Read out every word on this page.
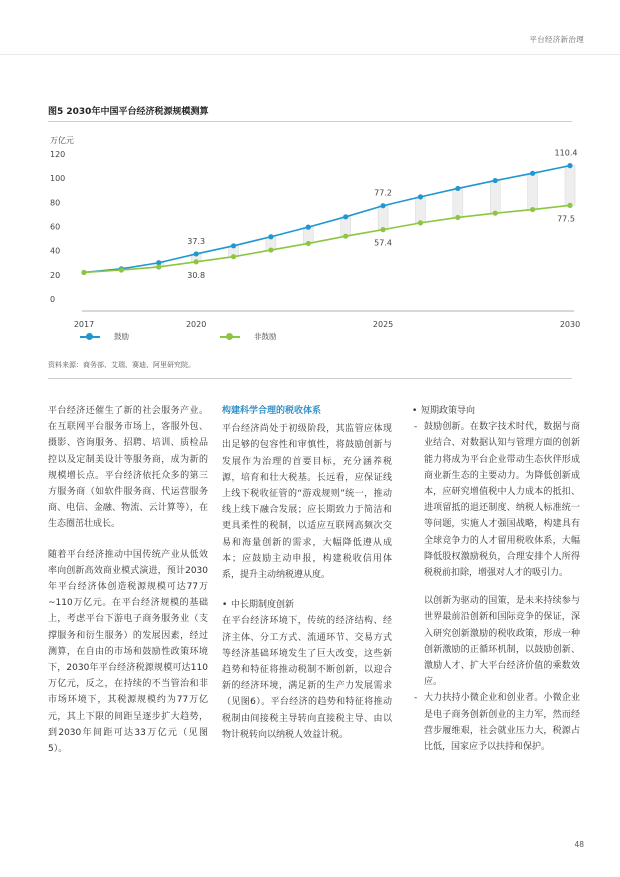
平台经济新治理
图5 2030年中国平台经济税源规模测算
万亿元
0
20
40
60
80
100
120
2017	2020	2025	2030
37.3
30.8
77.2
57.4
110.4
77.5
鼓励	非鼓励
资料来源：商务部、艾瑞、赛迪、阿里研究院。

平台经济还催生了新的社会服务产业。在互联网平台服务市场上，客服外包、摄影、咨询服务、招聘、培训、质检品控以及定制美设计等服务商，成为新的规模增长点。平台经济依托众多的第三方服务商（如软件服务商、代运营服务商、电信、金融、物流、云计算等），在生态圈茁壮成长。

随着平台经济推动中国传统产业从低效率向创新高效商业模式演进，预计2030年平台经济体创造税源规模可达77万~110万亿元。在平台经济规模的基础上，考虑平台下游电子商务服务业（支撑服务和衍生服务）的发展因素，经过测算，在自由的市场和鼓励性政策环境下，2030年平台经济税源规模可达110万亿元，反之，在持续的不当管治和非市场环境下，其税源规模约为77万亿元，其上下限的间距呈逐步扩大趋势，到2030年间距可达33万亿元（见图5）。

构建科学合理的税收体系

平台经济尚处于初级阶段，其监管应体现出足够的包容性和审慎性，将鼓励创新与发展作为治理的首要目标，充分涵养税源，培育和壮大税基。长远看，应保证线上线下税收征管的“游戏规则”统一，推动线上线下融合发展；应长期致力于简洁和更具柔性的税制，以适应互联网高频次交易和海量创新的需求，大幅降低遵从成本；应鼓励主动申报，构建税收信用体系，提升主动纳税遵从度。

• 中长期制度创新

在平台经济环境下，传统的经济结构、经济主体、分工方式、流通环节、交易方式等经济基础环境发生了巨大改变，这些新趋势和特征将推动税制不断创新，以迎合新的经济环境，满足新的生产力发展需求（见图6）。平台经济的趋势和特征将推动税制由间接税主导转向直接税主导、由以物计税转向以纳税人效益计税。

• 短期政策导向
- 鼓励创新。在数字技术时代，数据与商业结合、对数据认知与管理方面的创新能力将成为平台企业带动生态伙伴形成商业新生态的主要动力。为降低创新成本，应研究增值税中人力成本的抵扣、进项留抵的退还制度、纳税人标准统一等问题，实施人才强国战略，构建具有全球竞争力的人才留用税收体系，大幅降低股权激励税负，合理安排个人所得税税前扣除，增强对人才的吸引力。

以创新为驱动的国策，是未来持续参与世界最前沿创新和国际竞争的保证，深入研究创新激励的税收政策，形成一种创新激励的正循环机制，以鼓励创新、激励人才、扩大平台经济价值的乘数效应。

- 大力扶持小微企业和创业者。小微企业是电子商务创新创业的主力军，然而经营步履维艰，社会就业压力大，税源占比低，国家应予以扶持和保护。
48
